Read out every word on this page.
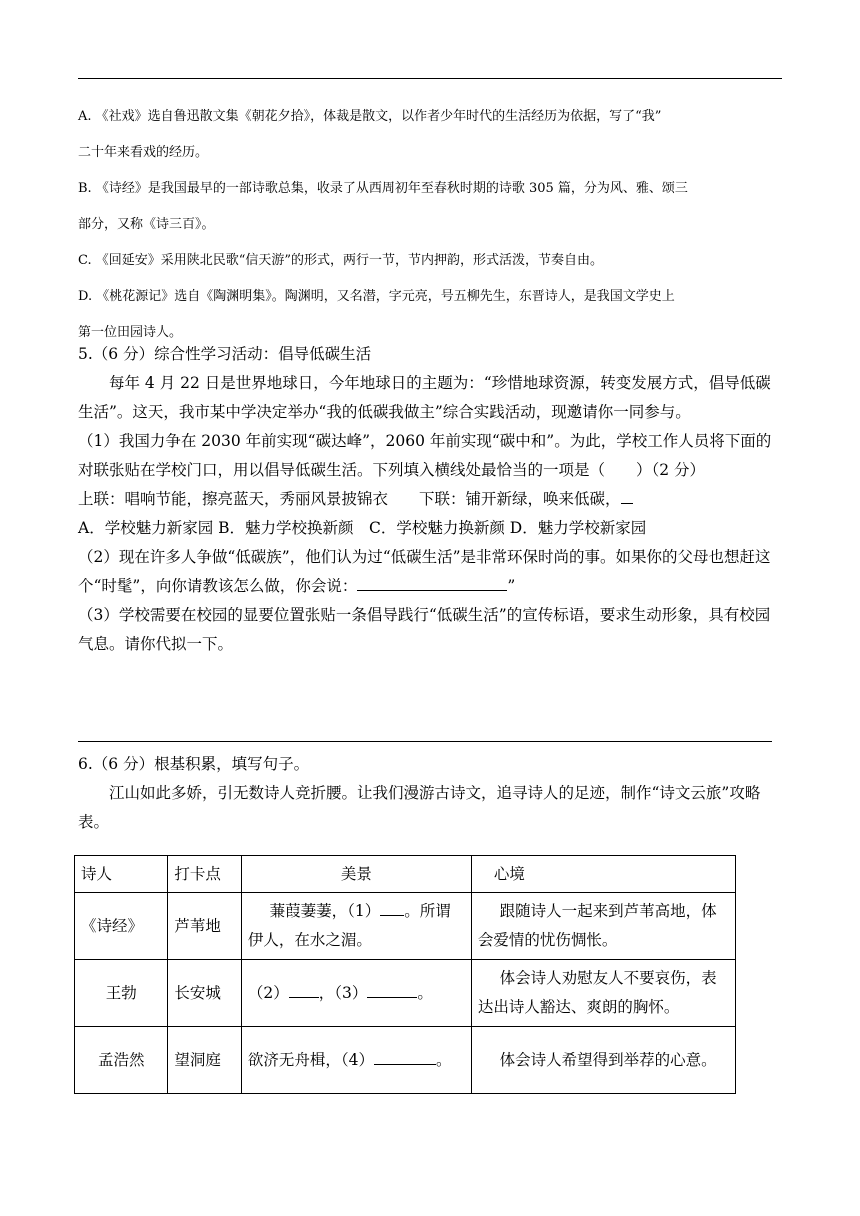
A. 《社戏》选自鲁迅散文集《朝花夕拾》，体裁是散文，以作者少年时代的生活经历为依据，写了“我”
二十年来看戏的经历。
B. 《诗经》是我国最早的一部诗歌总集，收录了从西周初年至春秋时期的诗歌 305 篇，分为风、雅、颂三
部分，又称《诗三百》。
C. 《回延安》采用陕北民歌“信天游”的形式，两行一节，节内押韵，形式活泼，节奏自由。
D. 《桃花源记》选自《陶渊明集》。陶渊明，又名潜，字元亮，号五柳先生，东晋诗人，是我国文学史上
第一位田园诗人。
5.（6 分）综合性学习活动：倡导低碳生活
每年 4 月 22 日是世界地球日，今年地球日的主题为：“珍惜地球资源，转变发展方式，倡导低碳生活”。这天，我市某中学决定举办“我的低碳我做主”综合实践活动，现邀请你一同参与。
（1）我国力争在 2030 年前实现“碳达峰”，2060 年前实现“碳中和”。为此，学校工作人员将下面的对联张贴在学校门口，用以倡导低碳生活。下列填入横线处最恰当的一项是（　　）（2 分）
上联：唱响节能，擦亮蓝天，秀丽风景披锦衣　　下联：铺开新绿，唤来低碳，
A．学校魅力新家园 B．魅力学校换新颜　C．学校魅力换新颜 D．魅力学校新家园
（2）现在许多人争做“低碳族”，他们认为过“低碳生活”是非常环保时尚的事。如果你的父母也想赶这个“时髦”，向你请教该怎么做，你会说：	”
（3）学校需要在校园的显要位置张贴一条倡导践行“低碳生活”的宣传标语，要求生动形象，具有校园气息。请你代拟一下。
6.（6 分）根基积累，填写句子。
江山如此多娇，引无数诗人竞折腰。让我们漫游古诗文，追寻诗人的足迹，制作“诗文云旅”攻略表。
诗人	打卡点	美景	心境
《诗经》	芦苇地	蒹葭萋萋，（1） 。所谓伊人，在水之湄。	跟随诗人一起来到芦苇高地，体会爱情的忧伤惆怅。
王勃	长安城	（2） ，（3） 。	体会诗人劝慰友人不要哀伤，表达出诗人豁达、爽朗的胸怀。
孟浩然	望洞庭	欲济无舟楫，（4） 。	体会诗人希望得到举荐的心意。
